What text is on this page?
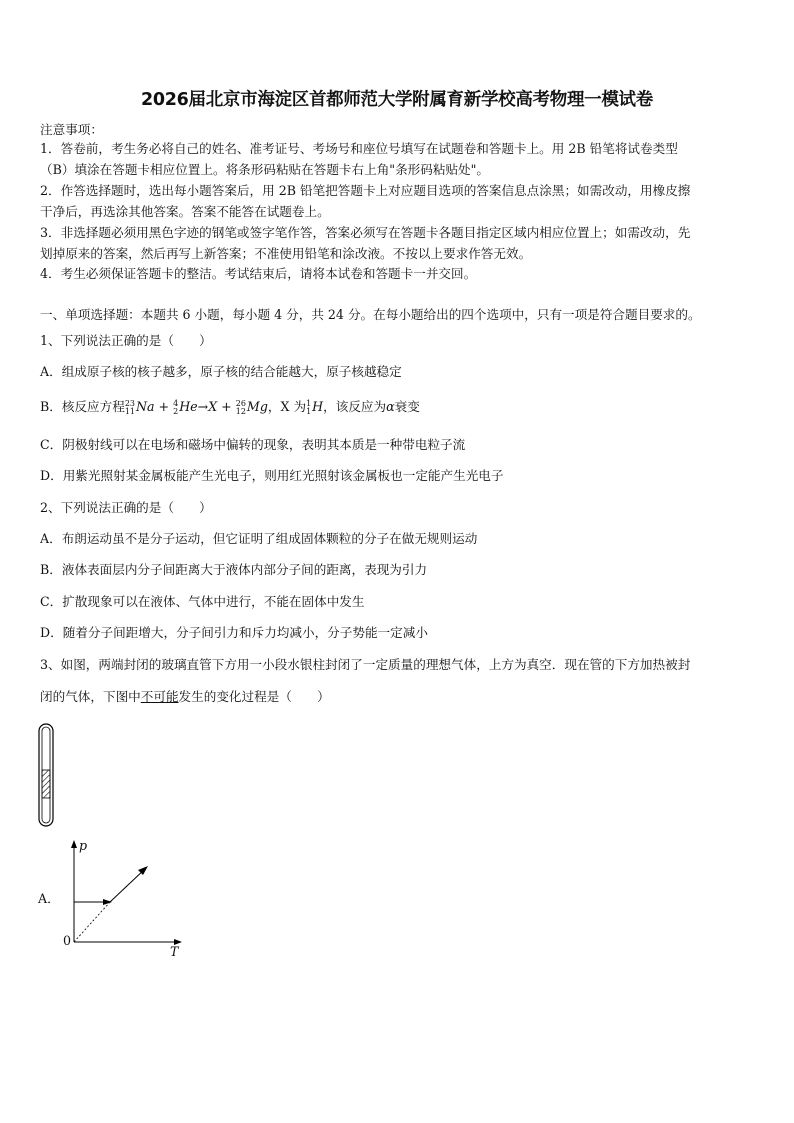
2026届北京市海淀区首都师范大学附属育新学校高考物理一模试卷
注意事项：
1．答卷前，考生务必将自己的姓名、准考证号、考场号和座位号填写在试题卷和答题卡上。用 2B 铅笔将试卷类型
（B）填涂在答题卡相应位置上。将条形码粘贴在答题卡右上角"条形码粘贴处"。
2．作答选择题时，选出每小题答案后，用 2B 铅笔把答题卡上对应题目选项的答案信息点涂黑；如需改动，用橡皮擦
干净后，再选涂其他答案。答案不能答在试题卷上。
3．非选择题必须用黑色字迹的钢笔或签字笔作答，答案必须写在答题卡各题目指定区域内相应位置上；如需改动，先
划掉原来的答案，然后再写上新答案；不准使用铅笔和涂改液。不按以上要求作答无效。
4．考生必须保证答题卡的整洁。考试结束后，请将本试卷和答题卡一并交回。
一、单项选择题：本题共 6 小题，每小题 4 分，共 24 分。在每小题给出的四个选项中，只有一项是符合题目要求的。
1、下列说法正确的是（　　）
A．组成原子核的核子越多，原子核的结合能越大，原子核越稳定
B．核反应方程 23
11 Na + 4
2 He→X + 26
12 Mg，X 为 1
1 H，该反应为α衰变
C．阴极射线可以在电场和磁场中偏转的现象，表明其本质是一种带电粒子流
D．用紫光照射某金属板能产生光电子，则用红光照射该金属板也一定能产生光电子
2、下列说法正确的是（　　）
A．布朗运动虽不是分子运动，但它证明了组成固体颗粒的分子在做无规则运动
B．液体表面层内分子间距离大于液体内部分子间的距离，表现为引力
C．扩散现象可以在液体、气体中进行，不能在固体中发生
D．随着分子间距增大，分子间引力和斥力均减小，分子势能一定减小
3、如图，两端封闭的玻璃直管下方用一小段水银柱封闭了一定质量的理想气体，上方为真空．现在管的下方加热被封
闭的气体，下图中不可能发生的变化过程是（　　）
A．
p
T
0
